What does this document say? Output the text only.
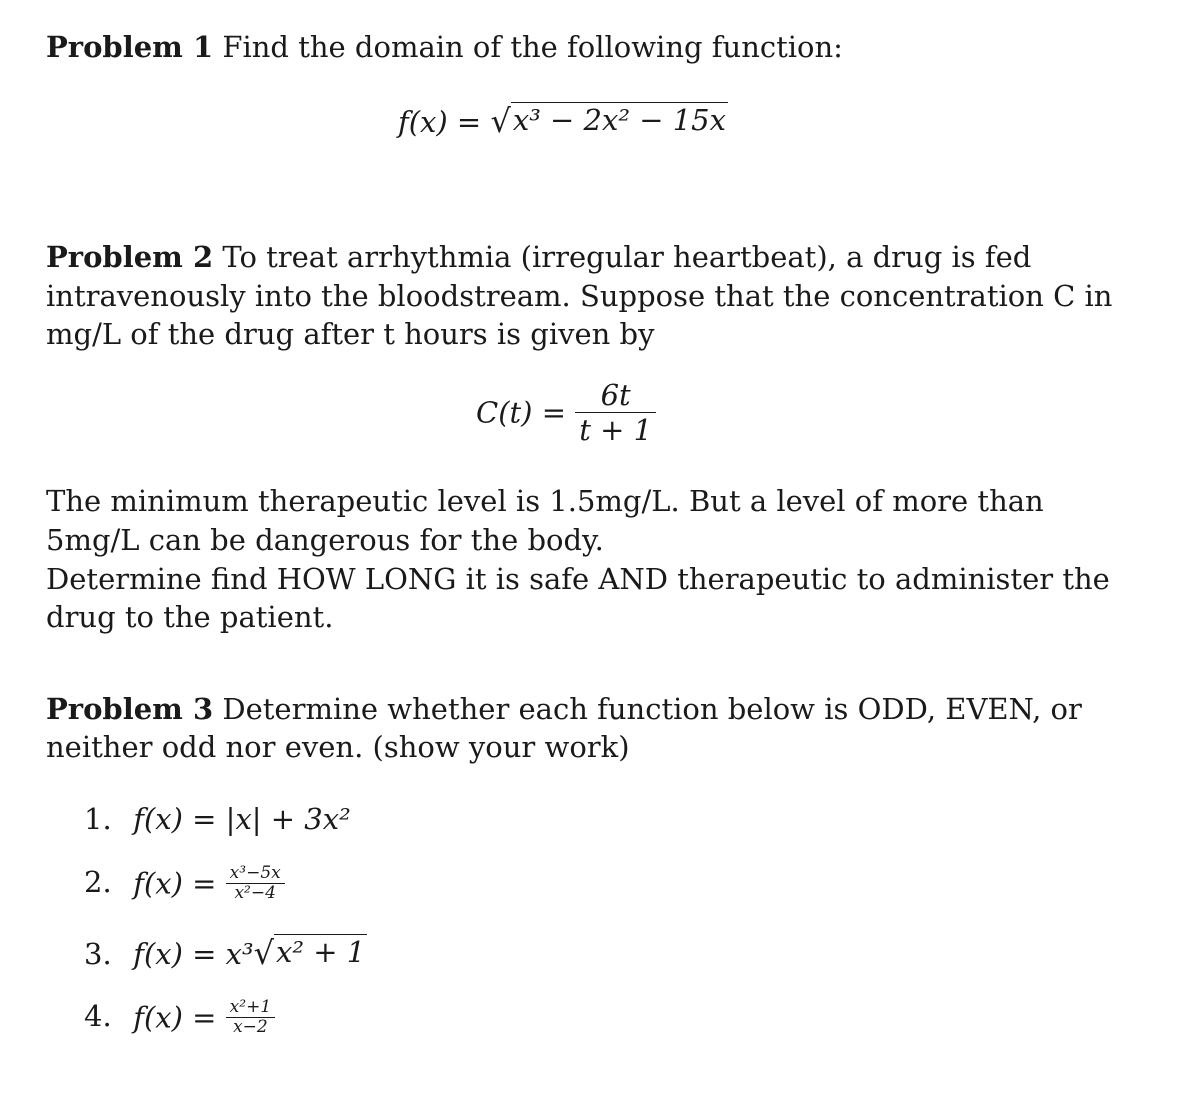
Problem 1 Find the domain of the following function:
f(x) = √ x³ − 2x² − 15x
Problem 2 To treat arrhythmia (irregular heartbeat), a drug is fed
intravenously into the bloodstream. Suppose that the concentration C in
mg/L of the drug after t hours is given by
$C(t) = \frac{6t}{t + 1}$
The minimum therapeutic level is 1.5mg/L. But a level of more than
5mg/L can be dangerous for the body.
Determine find HOW LONG it is safe AND therapeutic to administer the
drug to the patient.
Problem 3 Determine whether each function below is ODD, EVEN, or
neither odd nor even. (show your work)
1. f(x) = |x| + 3x²
2. $f(x) = \frac{\text{x³−5x}}{\text{x²−4}}$
3. f(x) = x³ √ x² + 1
4. $f(x) = \frac{\text{x²+1}}{x-2}$
